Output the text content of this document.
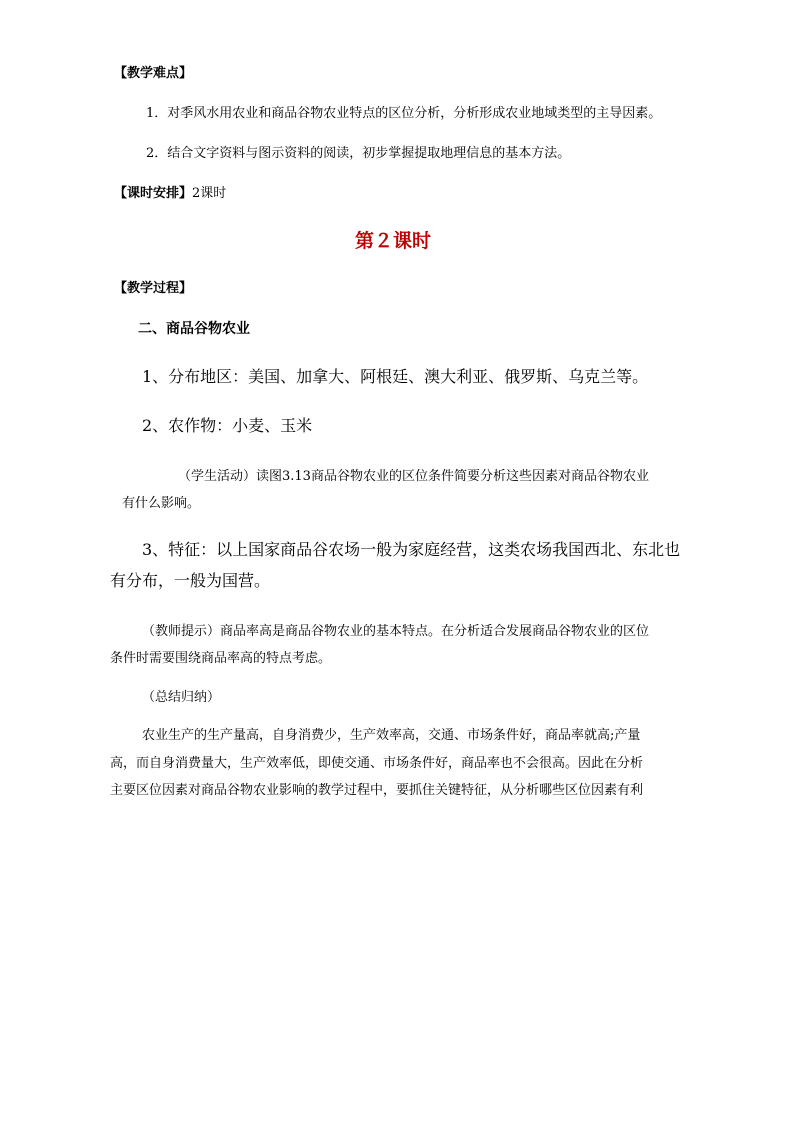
【教学难点】
1．对季风水用农业和商品谷物农业特点的区位分析，分析形成农业地域类型的主导因素。
2．结合文字资料与图示资料的阅读，初步掌握提取地理信息的基本方法。
【课时安排】2课时
第２课时
【教学过程】
二、商品谷物农业
1、分布地区：美国、加拿大、阿根廷、澳大利亚、俄罗斯、乌克兰等。
2、农作物：小麦、玉米
（学生活动）读图3.13商品谷物农业的区位条件简要分析这些因素对商品谷物农业
有什么影响。
3、特征：以上国家商品谷农场一般为家庭经营，这类农场我国西北、东北也
有分布，一般为国营。
（教师提示）商品率高是商品谷物农业的基本特点。在分析适合发展商品谷物农业的区位
条件时需要围绕商品率高的特点考虑。
（总结归纳）
农业生产的生产量高，自身消费少，生产效率高，交通、市场条件好，商品率就高;产量
高，而自身消费量大，生产效率低，即使交通、市场条件好，商品率也不会很高。因此在分析
主要区位因素对商品谷物农业影响的教学过程中，要抓住关键特征，从分析哪些区位因素有利
